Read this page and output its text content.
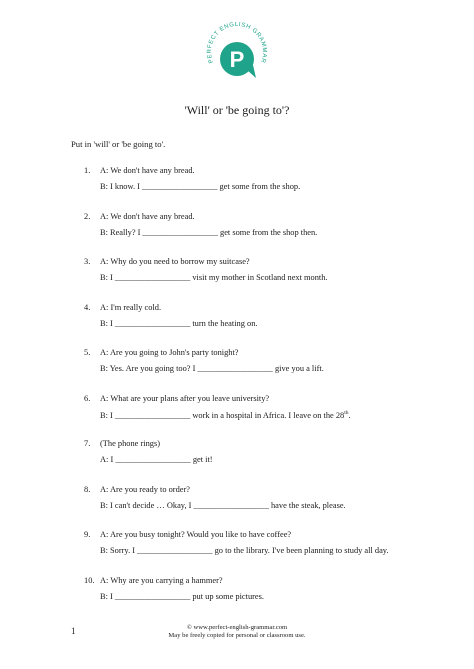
PERFECT ENGLISH GRAMMAR
P
'Will' or 'be going to'?
Put in 'will' or 'be going to'.
1.	A: We don't have any bread.
B: I know. I __________________ get some from the shop.
2.	A: We don't have any bread.
B: Really? I __________________ get some from the shop then.
3.	A: Why do you need to borrow my suitcase?
B: I __________________ visit my mother in Scotland next month.
4.	A: I'm really cold.
B: I __________________ turn the heating on.
5.	A: Are you going to John's party tonight?
B: Yes. Are you going too? I __________________ give you a lift.
6.	A: What are your plans after you leave university?
B: I __________________ work in a hospital in Africa. I leave on the 28th.
7.	(The phone rings)
A: I __________________ get it!
8.	A: Are you ready to order?
B: I can't decide … Okay, I __________________ have the steak, please.
9.	A: Are you busy tonight? Would you like to have coffee?
B: Sorry. I __________________ go to the library. I've been planning to study all day.
10. A: Why are you carrying a hammer?
B: I __________________ put up some pictures.
1	© www.perfect-english-grammar.com
May be freely copied for personal or classroom use.
